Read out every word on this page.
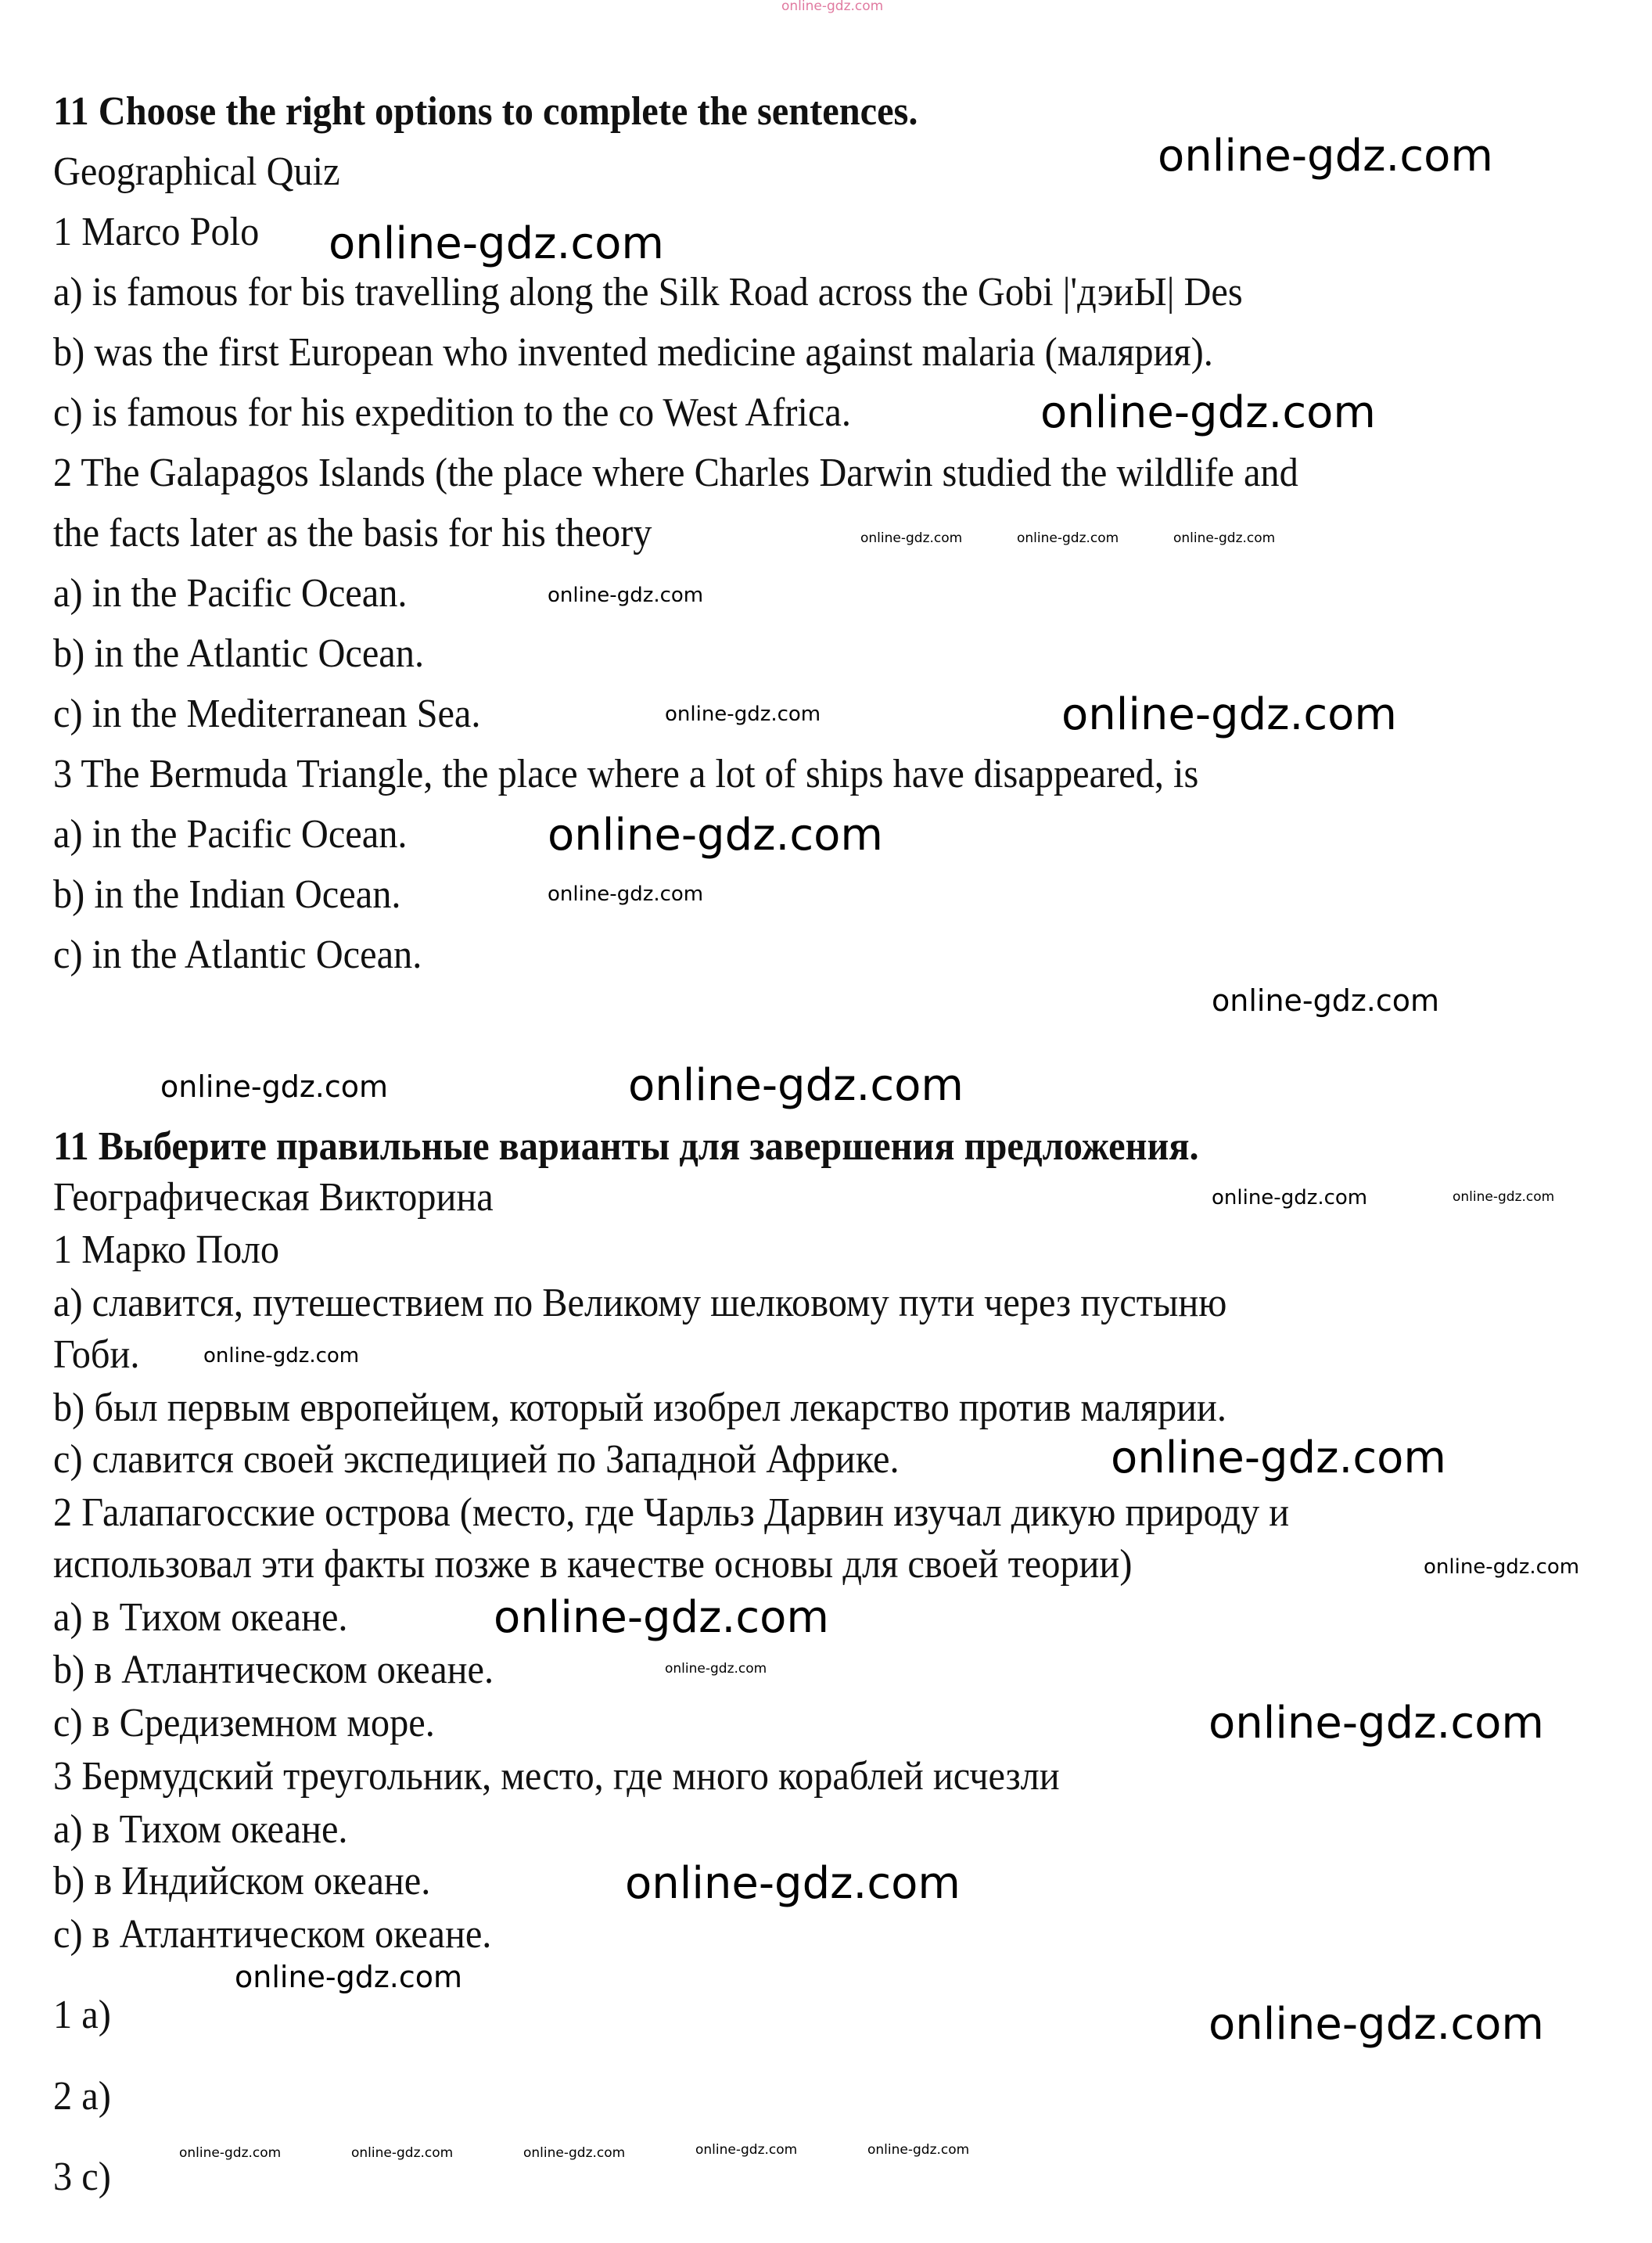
11 Choose the right options to complete the sentences.
Geographical Quiz
1 Marco Polo
a) is famous for bis travelling along the Silk Road across the Gobi |'дэиЫ| Des
b) was the first European who invented medicine against malaria (малярия).
c) is famous for his expedition to the co West Africa.
2 The Galapagos Islands (the place where Charles Darwin studied the wildlife and
the facts later as the basis for his theory
a) in the Pacific Ocean.
b) in the Atlantic Ocean.
c) in the Mediterranean Sea.
3 The Bermuda Triangle, the place where a lot of ships have disappeared, is
a) in the Pacific Ocean.
b) in the Indian Ocean.
c) in the Atlantic Ocean.
11 Выберите правильные варианты для завершения предложения.
Географическая Викторина
1 Марко Поло
a) славится, путешествием по Великому шелковому пути через пустыню
Гоби.
b) был первым европейцем, который изобрел лекарство против малярии.
c) славится своей экспедицией по Западной Африке.
2 Галапагосские острова (место, где Чарльз Дарвин изучал дикую природу и
использовал эти факты позже в качестве основы для своей теории)
a) в Тихом океане.
b) в Атлантическом океане.
c) в Средиземном море.
3 Бермудский треугольник, место, где много кораблей исчезли
a) в Тихом океане.
b) в Индийском океане.
c) в Атлантическом океане.
1 a)
2 a)
3 c)
online-gdz.com
online-gdz.com
online-gdz.com
online-gdz.com
online-gdz.com	online-gdz.com	online-gdz.com
online-gdz.com
online-gdz.com
online-gdz.com
online-gdz.com
online-gdz.com
online-gdz.com
online-gdz.com	online-gdz.com
online-gdz.com	online-gdz.com
online-gdz.com
online-gdz.com
online-gdz.com
online-gdz.com
online-gdz.com
online-gdz.com
online-gdz.com
online-gdz.com
online-gdz.com
online-gdz.com	online-gdz.com	online-gdz.com	online-gdz.com	online-gdz.com
